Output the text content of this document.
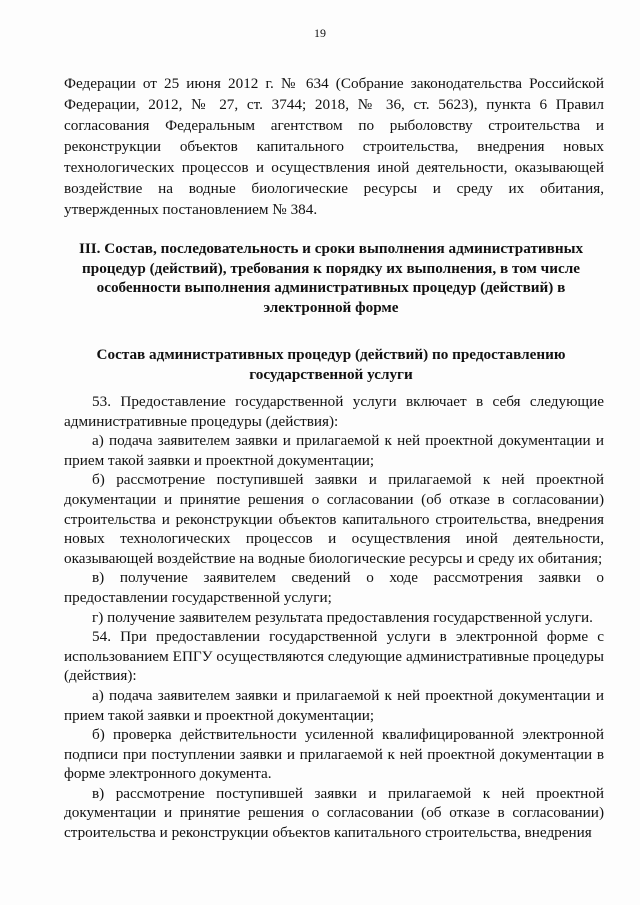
19
Федерации от 25 июня 2012 г. № 634 (Собрание законодательства Российской Федерации, 2012, № 27, ст. 3744; 2018, № 36, ст. 5623), пункта 6 Правил согласования Федеральным агентством по рыболовству строительства и реконструкции объектов капитального строительства, внедрения новых технологических процессов и осуществления иной деятельности, оказывающей воздействие на водные биологические ресурсы и среду их обитания, утвержденных постановлением № 384.
III. Состав, последовательность и сроки выполнения административных процедур (действий), требования к порядку их выполнения, в том числе особенности выполнения административных процедур (действий) в электронной форме
Состав административных процедур (действий) по предоставлению государственной услуги

53. Предоставление государственной услуги включает в себя следующие административные процедуры (действия):

а) подача заявителем заявки и прилагаемой к ней проектной документации и прием такой заявки и проектной документации;

б) рассмотрение поступившей заявки и прилагаемой к ней проектной документации и принятие решения о согласовании (об отказе в согласовании) строительства и реконструкции объектов капитального строительства, внедрения новых технологических процессов и осуществления иной деятельности, оказывающей воздействие на водные биологические ресурсы и среду их обитания;

в) получение заявителем сведений о ходе рассмотрения заявки о предоставлении государственной услуги;

г) получение заявителем результата предоставления государственной услуги.

54. При предоставлении государственной услуги в электронной форме с использованием ЕПГУ осуществляются следующие административные процедуры (действия):

а) подача заявителем заявки и прилагаемой к ней проектной документации и прием такой заявки и проектной документации;

б) проверка действительности усиленной квалифицированной электронной подписи при поступлении заявки и прилагаемой к ней проектной документации в форме электронного документа.

в) рассмотрение поступившей заявки и прилагаемой к ней проектной документации и принятие решения о согласовании (об отказе в согласовании) строительства и реконструкции объектов капитального строительства, внедрения
